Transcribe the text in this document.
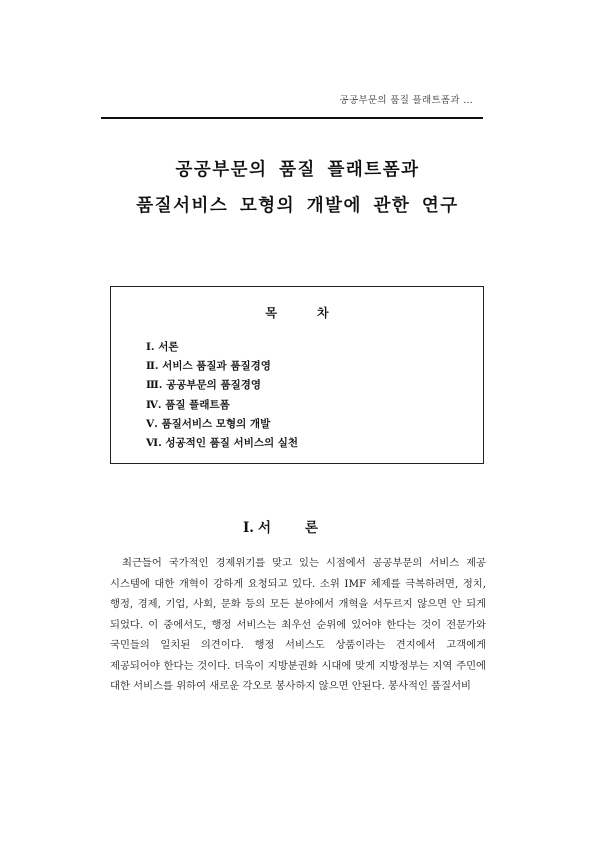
공공부문의 품질 플래트폼과 …
공공부문의 품질 플래트폼과
품질서비스 모형의 개발에 관한 연구
목차
Ⅰ. 서론
Ⅱ. 서비스 품질과 품질경영
Ⅲ. 공공부문의 품질경영
Ⅳ. 품질 플래트폼
Ⅴ. 품질서비스 모형의 개발
Ⅵ. 성공적인 품질 서비스의 실천
Ⅰ. 서론

최근들어 국가적인 경제위기를 맞고 있는 시점에서 공공부문의 서비스 제공 시스템에 대한 개혁이 강하게 요청되고 있다. 소위 IMF 체제를 극복하려면, 정치, 행정, 경제, 기업, 사회, 문화 등의 모든 분야에서 개혁을 서두르지 않으면 안 되게 되었다. 이 중에서도, 행정 서비스는 최우선 순위에 있어야 한다는 것이 전문가와 국민들의 일치된 의견이다. 행정 서비스도 상품이라는 견지에서 고객에게 제공되어야 한다는 것이다. 더욱이 지방분권화 시대에 맞게 지방정부는 지역 주민에 대한 서비스를 위하여 새로운 각오로 봉사하지 않으면 안된다. 봉사적인 품질서비
